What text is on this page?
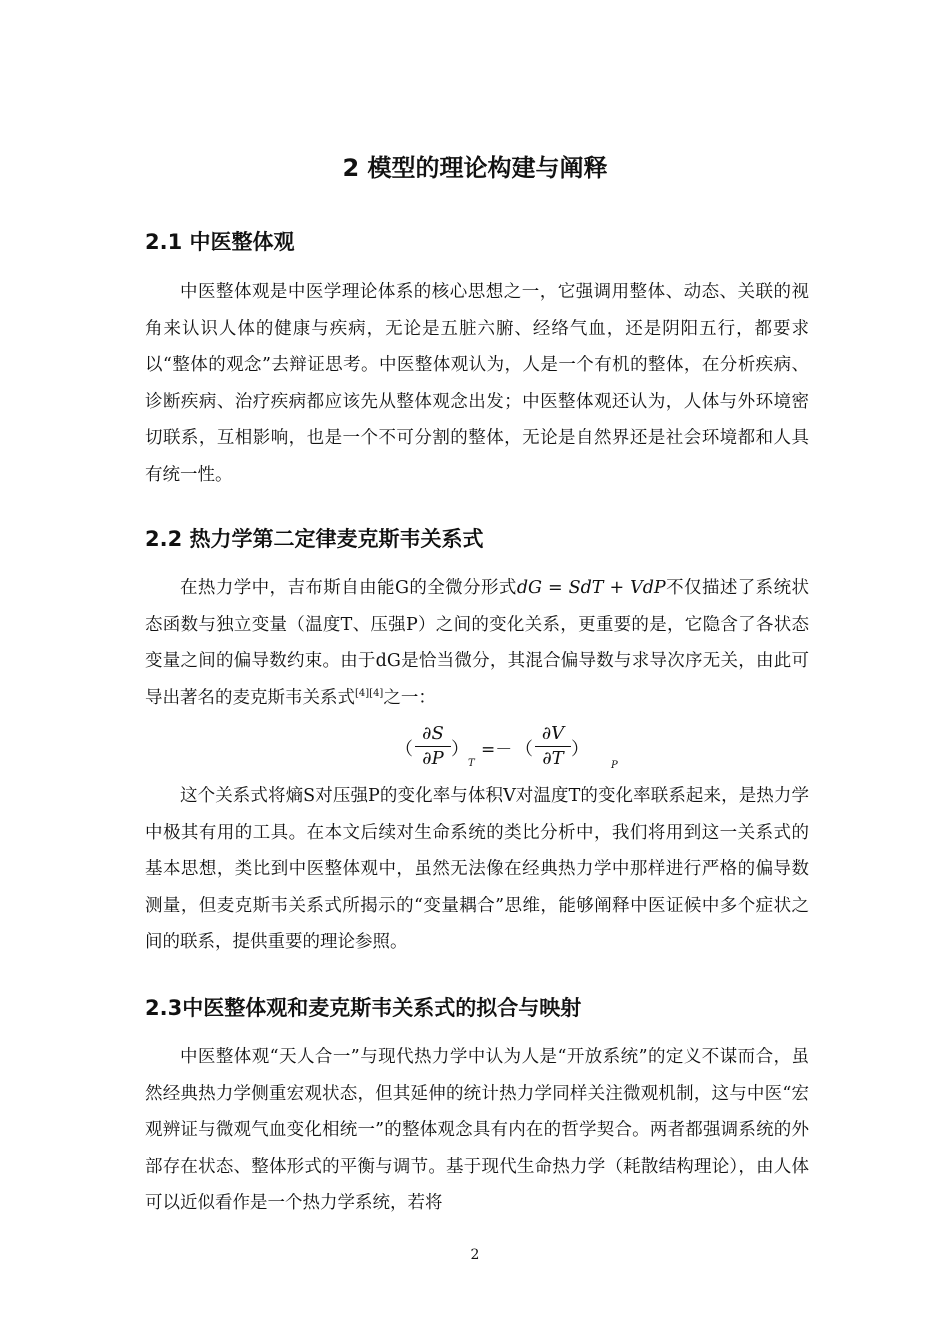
2 模型的理论构建与阐释
2.1 中医整体观

中医整体观是中医学理论体系的核心思想之一，它强调用整体、动态、关联的视角来认识人体的健康与疾病，无论是五脏六腑、经络气血，还是阴阳五行，都要求以“整体的观念”去辩证思考。中医整体观认为，人是一个有机的整体，在分析疾病、诊断疾病、治疗疾病都应该先从整体观念出发；中医整体观还认为，人体与外环境密切联系，互相影响，也是一个不可分割的整体，无论是自然界还是社会环境都和人具有统一性。

2.2 热力学第二定律麦克斯韦关系式

在热力学中，吉布斯自由能G的全微分形式dG = SdT + VdP不仅描述了系统状态函数与独立变量（温度T、压强P）之间的变化关系，更重要的是，它隐含了各状态变量之间的偏导数约束。由于dG是恰当微分，其混合偏导数与求导次序无关，由此可导出著名的麦克斯韦关系式[4][4]之一：

（
∂S
∂P ）
T
=－ （
∂V
∂T ）
P

这个关系式将熵S对压强P的变化率与体积V对温度T的变化率联系起来，是热力学中极其有用的工具。在本文后续对生命系统的类比分析中，我们将用到这一关系式的基本思想，类比到中医整体观中，虽然无法像在经典热力学中那样进行严格的偏导数测量，但麦克斯韦关系式所揭示的“变量耦合”思维，能够阐释中医证候中多个症状之间的联系，提供重要的理论参照。

2.3中医整体观和麦克斯韦关系式的拟合与映射

中医整体观“天人合一”与现代热力学中认为人是“开放系统”的定义不谋而合，虽然经典热力学侧重宏观状态，但其延伸的统计热力学同样关注微观机制，这与中医“宏观辨证与微观气血变化相统一”的整体观念具有内在的哲学契合。两者都强调系统的外部存在状态、整体形式的平衡与调节。基于现代生命热力学（耗散结构理论），由人体可以近似看作是一个热力学系统，若将

2
